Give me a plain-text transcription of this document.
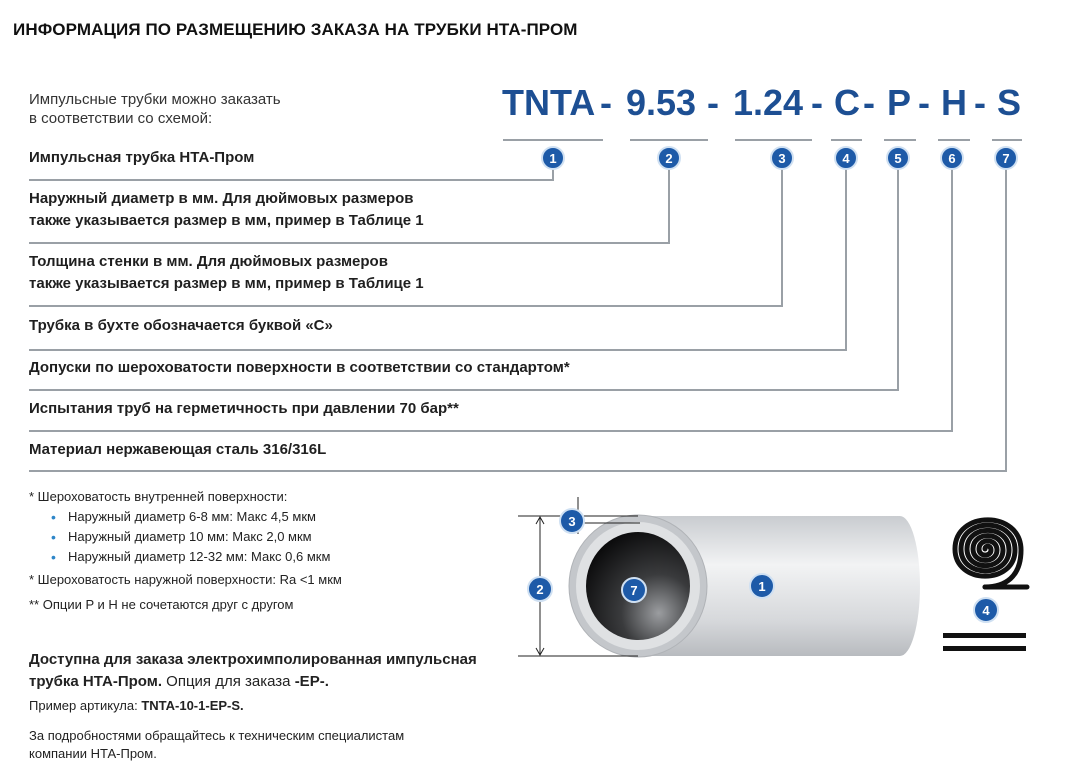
ИНФОРМАЦИЯ ПО РАЗМЕЩЕНИЮ ЗАКАЗА НА ТРУБКИ НТА-ПРОМ
Импульсные трубки можно заказать
в соответствии со схемой:	TNTA - 9.53 - 1.24 - C - P - H - S
1	2	3	4	5	6	7
Импульсная трубка НТА-Пром
Наружный диаметр в мм. Для дюймовых размеров
также указывается размер в мм, пример в Таблице 1
Толщина стенки в мм. Для дюймовых размеров
также указывается размер в мм, пример в Таблице 1
Трубка в бухте обозначается буквой «С»
Допуски по шероховатости поверхности в соответствии со стандартом*
Испытания труб на герметичность при давлении 70 бар**
Материал нержавеющая сталь 316/316L
* Шероховатость внутренней поверхности:
• Наружный диаметр 6-8 мм: Макс 4,5 мкм
• Наружный диаметр 10 мм: Макс 2,0 мкм
• Наружный диаметр 12-32 мм: Макс 0,6 мкм
* Шероховатость наружной поверхности: Ra <1 мкм
** Опции P и H не сочетаются друг с другом
Доступна для заказа электрохимполированная импульсная трубка НТА-Пром. Опция для заказа -EP-.
Пример артикула: TNTA-10-1-EP-S.
За подробностями обращайтесь к техническим специалистам компании НТА-Пром.
2
3
7	1
4
